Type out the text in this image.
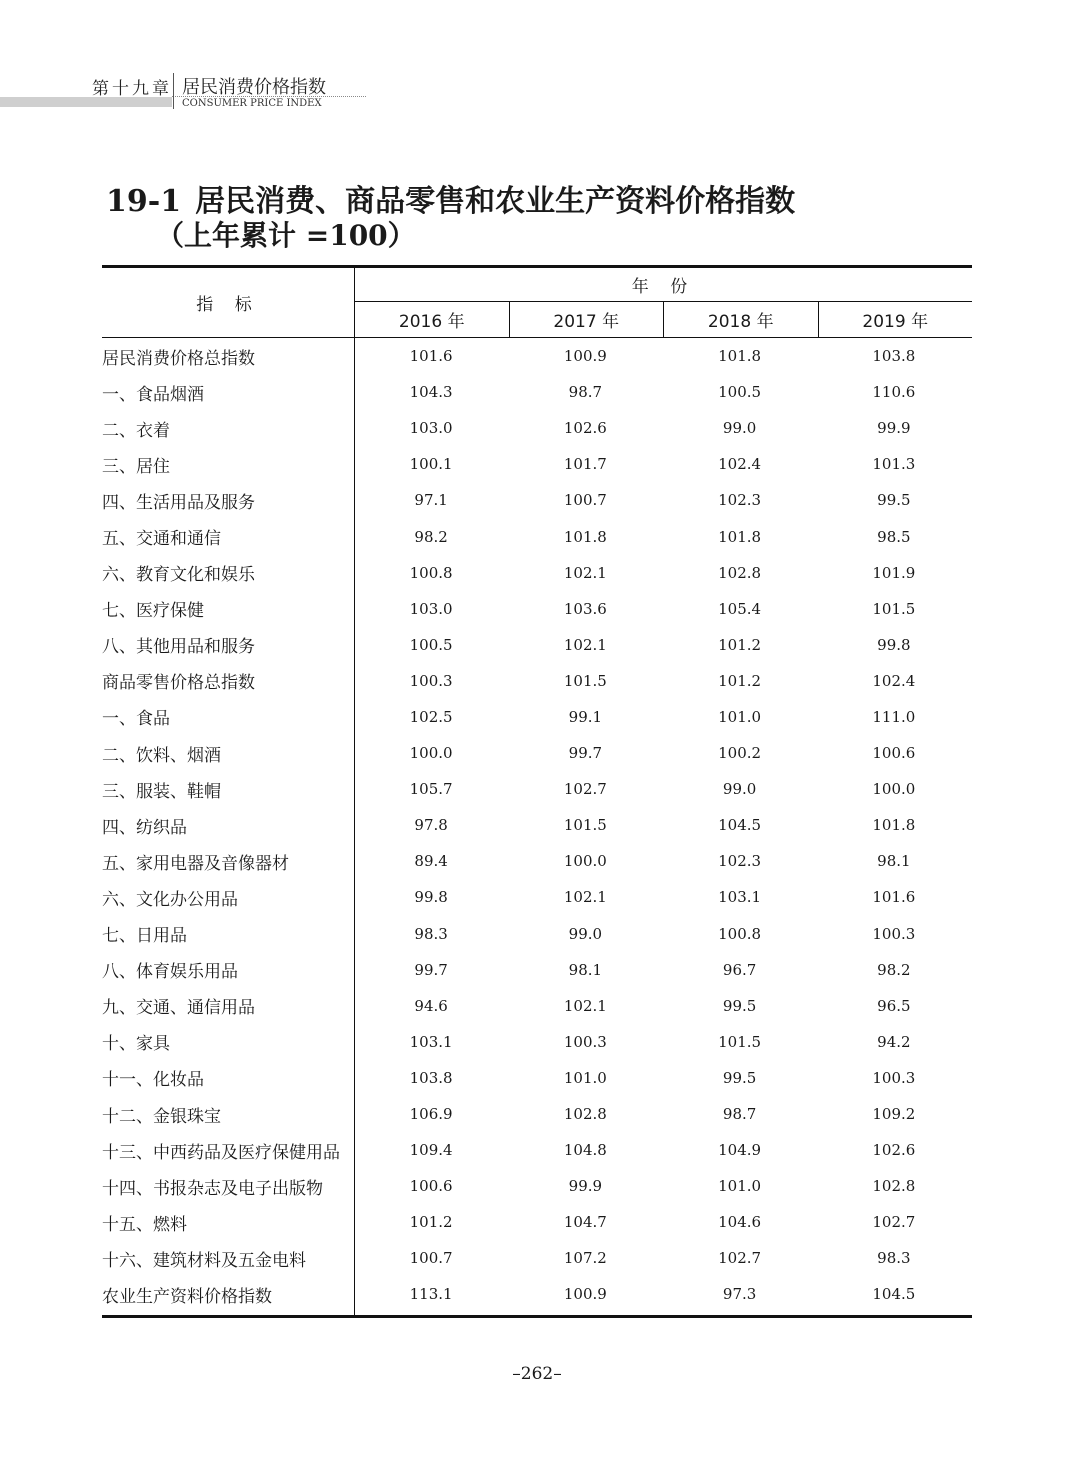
第十九章 居民消费价格指数
CONSUMER PRICE INDEX
19-1 居民消费、商品零售和农业生产资料价格指数
（上年累计 =100）
指 标
年 份
2016 年	2017 年	2018 年	2019 年
居民消费价格总指数	101.6	100.9	101.8	103.8
一、食品烟酒	104.3	98.7	100.5	110.6
二、衣着	103.0	102.6	99.0	99.9
三、居住	100.1	101.7	102.4	101.3
四、生活用品及服务	97.1	100.7	102.3	99.5
五、交通和通信	98.2	101.8	101.8	98.5
六、教育文化和娱乐	100.8	102.1	102.8	101.9
七、医疗保健	103.0	103.6	105.4	101.5
八、其他用品和服务	100.5	102.1	101.2	99.8
商品零售价格总指数	100.3	101.5	101.2	102.4
一、食品	102.5	99.1	101.0	111.0
二、饮料、烟酒	100.0	99.7	100.2	100.6
三、服装、鞋帽	105.7	102.7	99.0	100.0
四、纺织品	97.8	101.5	104.5	101.8
五、家用电器及音像器材	89.4	100.0	102.3	98.1
六、文化办公用品	99.8	102.1	103.1	101.6
七、日用品	98.3	99.0	100.8	100.3
八、体育娱乐用品	99.7	98.1	96.7	98.2
九、交通、通信用品	94.6	102.1	99.5	96.5
十、家具	103.1	100.3	101.5	94.2
十一、化妆品	103.8	101.0	99.5	100.3
十二、金银珠宝	106.9	102.8	98.7	109.2
十三、中西药品及医疗保健用品	109.4	104.8	104.9	102.6
十四、书报杂志及电子出版物	100.6	99.9	101.0	102.8
十五、燃料	101.2	104.7	104.6	102.7
十六、建筑材料及五金电料	100.7	107.2	102.7	98.3
农业生产资料价格指数	113.1	100.9	97.3	104.5
–262–
